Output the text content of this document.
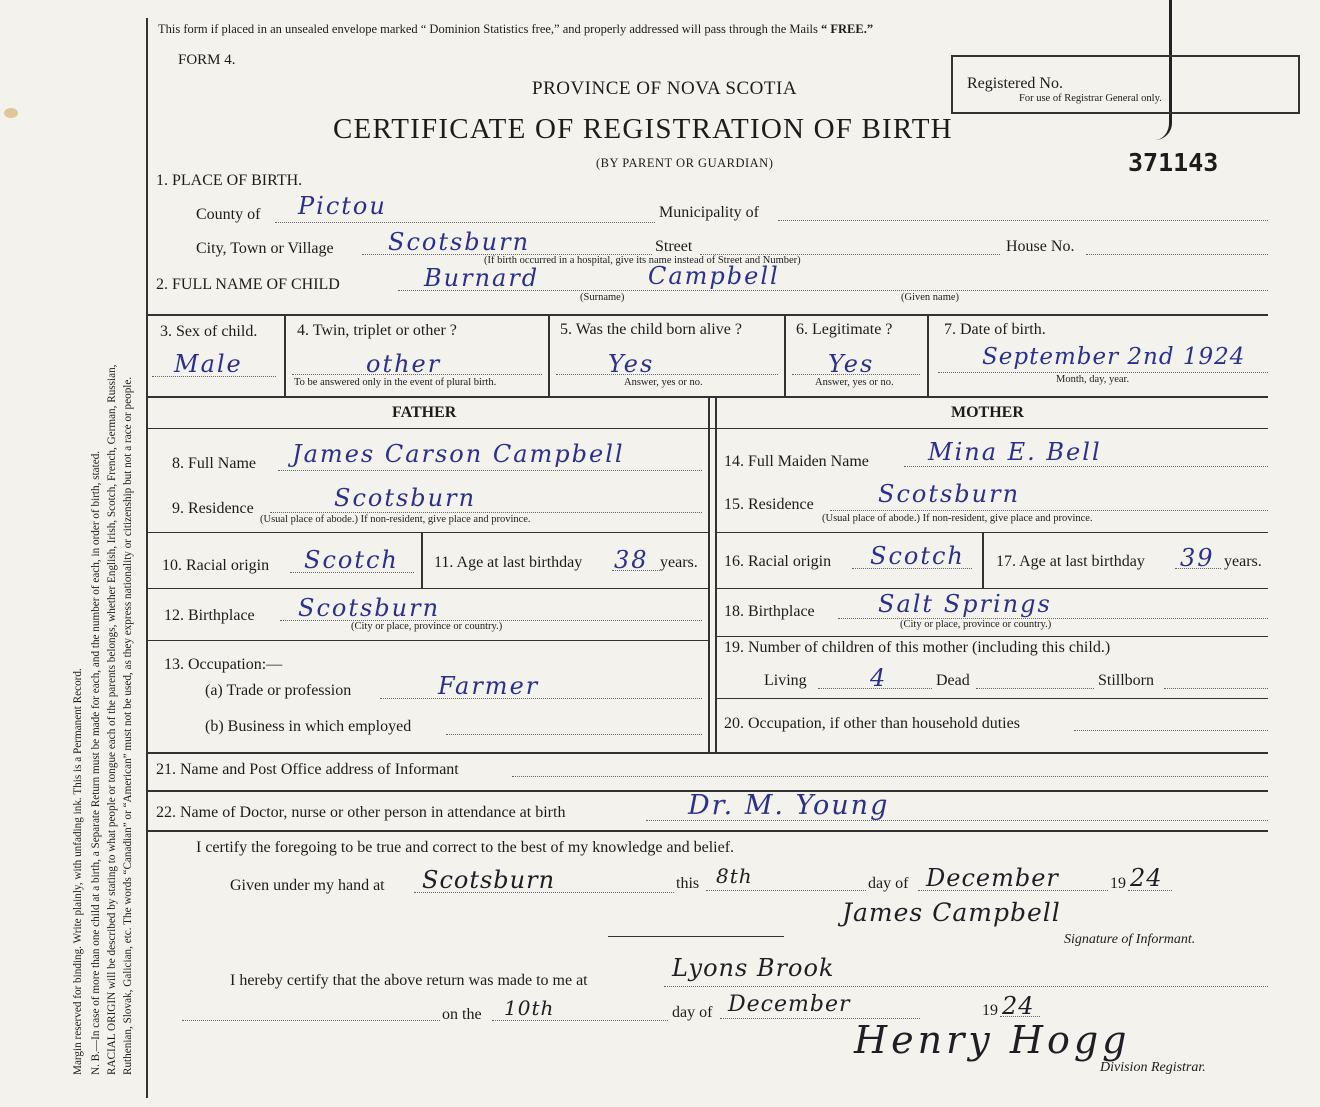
Margin reserved for binding. Write plainly, with unfading ink. This is a Permanent Record. N. B.—In case of more than one child at a birth, a Separate Return must be made for each, and the number of each, in order of birth, stated. RACIAL ORIGIN will be described by stating to what people or tongue each of the parents belongs, whether English, Irish, Scotch, French, German, Russian, Ruthenian, Slovak, Galician, etc. The words “Canadian” or “American” must not be used, as they express nationality or citizenship but not a race or people.
This form if placed in an unsealed envelope marked “ Dominion Statistics free,” and properly addressed will pass through the Mails “ FREE.”
FORM 4.
PROVINCE OF NOVA SCOTIA
CERTIFICATE OF REGISTRATION OF BIRTH
(BY PARENT OR GUARDIAN)
Registered No.
For use of Registrar General only.
371143
1. PLACE OF BIRTH.
County of Pictou	Municipality of
City, Town or Village Scotsburn	Street	House No.
(If birth occurred in a hospital, give its name instead of Street and Number)
2. FULL NAME OF CHILD	Burnard	Campbell
(Surname)	(Given name)
3. Sex of child.
Male
4. Twin, triplet or other ?
other
To be answered only in the event of plural birth.
5. Was the child born alive ?
Yes
Answer, yes or no.
6. Legitimate ?
Yes
Answer, yes or no.
7. Date of birth.
September 2nd 1924
Month, day, year.
FATHER	MOTHER
8. Full Name James Carson Campbell
9. Residence	Scotsburn
(Usual place of abode.) If non-resident, give place and province.
10. Racial origin Scotch 11. Age at last birthday 38 years.
12. Birthplace Scotsburn
(City or place, province or country.)
13. Occupation:—
(a) Trade or profession	Farmer
(b) Business in which employed
14. Full Maiden Name Mina E. Bell
15. Residence	Scotsburn
(Usual place of abode.) If non-resident, give place and province.
16. Racial origin Scotch 17. Age at last birthday 39 years.
18. Birthplace	Salt Springs
(City or place, province or country.)
19. Number of children of this mother (including this child.)
Living	4	Dead	Stillborn
20. Occupation, if other than household duties
21. Name and Post Office address of Informant
22. Name of Doctor, nurse or other person in attendance at birth	Dr. M. Young
I certify the foregoing to be true and correct to the best of my knowledge and belief.
Given under my hand at Scotsburn	this 8th	day of December	19 24
James Campbell
Signature of Informant.
I hereby certify that the above return was made to me at	Lyons Brook
on the 10th	day of December	19 24
Henry Hogg
Division Registrar.
